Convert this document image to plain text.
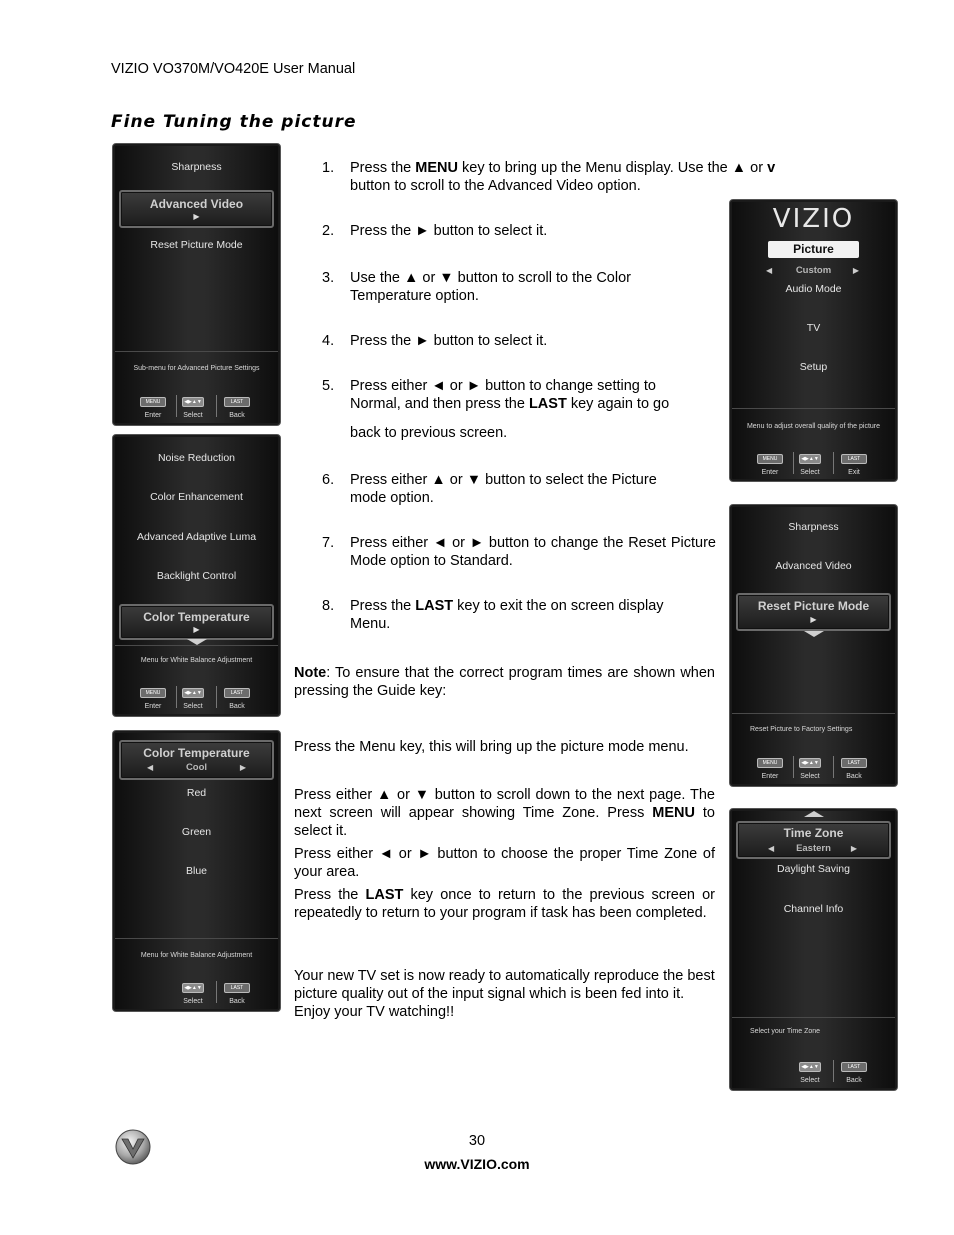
VIZIO VO370M/VO420E User Manual
Fine Tuning the picture
Sharpness
Advanced Video
▶
Reset Picture Mode
Sub-menu for Advanced Picture Settings
MENU
Enter
◀▶▲▼
Select
LAST
Back
Noise Reduction
Color Enhancement
Advanced Adaptive Luma
Backlight Control
Color Temperature
▶
Menu for White Balance Adjustment
MENU
Enter
◀▶▲▼
Select
LAST
Back
Color Temperature
◀	Cool	▶
Red
Green
Blue
Menu for White Balance Adjustment
◀▶▲▼
Select
LAST
Back
VIZIO
Picture
◀	Custom	▶
Audio Mode
TV
Setup
Menu to adjust overall quality of the picture
MENU
Enter
◀▶▲▼
Select
LAST
Exit
Sharpness
Advanced Video
Reset Picture Mode
▶
Reset Picture to Factory Settings
MENU
Enter
◀▶▲▼
Select
LAST
Back
Time Zone
◀	Eastern	▶
Daylight Saving
Channel Info
Select your Time Zone
◀▶▲▼
Select
LAST
Back
1. Press the MENU key to bring up the Menu display. Use the ▲ or v
button to scroll to the Advanced Video option.
2. Press the ► button to select it.
3. Use the ▲ or ▼ button to scroll to the Color Temperature option.
4. Press the ► button to select it.
5. Press either ◄ or ► button to change setting to Normal, and then press the LAST key again to go
back to previous screen.
6. Press either ▲ or ▼ button to select the Picture mode option.
7. Press either ◄ or ► button to change the Reset Picture Mode option to Standard.
8. Press the LAST key to exit the on screen display Menu.
Note: To ensure that the correct program times are shown when pressing the Guide key:
Press the Menu key, this will bring up the picture mode menu.
Press either ▲ or ▼ button to scroll down to the next page. The next screen will appear showing Time Zone. Press MENU to select it.
Press either ◄ or ► button to choose the proper Time Zone of your area.
Press the LAST key once to return to the previous screen or repeatedly to return to your program if task has been completed.
Your new TV set is now ready to automatically reproduce the best picture quality out of the input signal which is been fed into it. Enjoy your TV watching!!
30
www.VIZIO.com
